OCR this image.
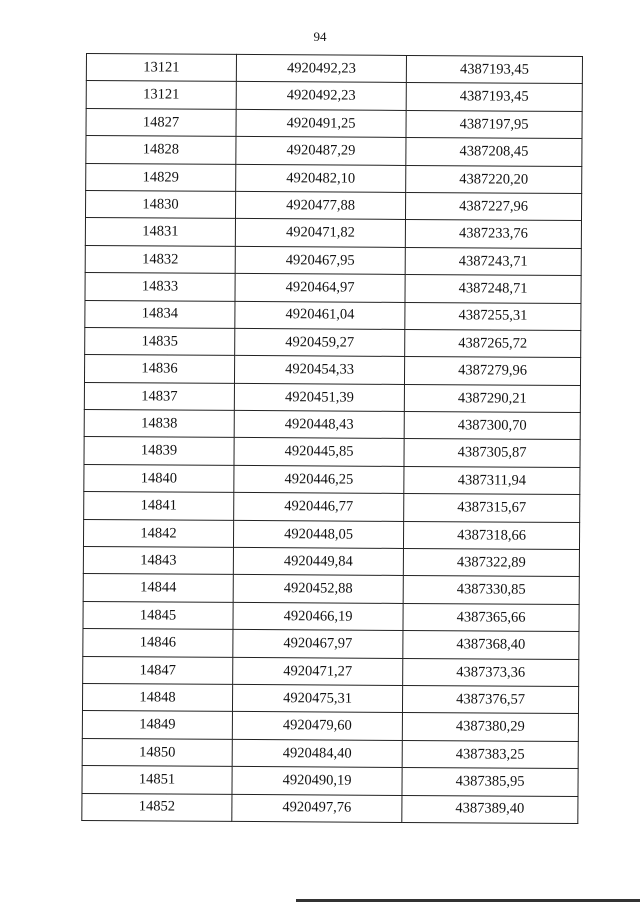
94
13121	4920492,23	4387193,45
13121	4920492,23	4387193,45
14827	4920491,25	4387197,95
14828	4920487,29	4387208,45
14829	4920482,10	4387220,20
14830	4920477,88	4387227,96
14831	4920471,82	4387233,76
14832	4920467,95	4387243,71
14833	4920464,97	4387248,71
14834	4920461,04	4387255,31
14835	4920459,27	4387265,72
14836	4920454,33	4387279,96
14837	4920451,39	4387290,21
14838	4920448,43	4387300,70
14839	4920445,85	4387305,87
14840	4920446,25	4387311,94
14841	4920446,77	4387315,67
14842	4920448,05	4387318,66
14843	4920449,84	4387322,89
14844	4920452,88	4387330,85
14845	4920466,19	4387365,66
14846	4920467,97	4387368,40
14847	4920471,27	4387373,36
14848	4920475,31	4387376,57
14849	4920479,60	4387380,29
14850	4920484,40	4387383,25
14851	4920490,19	4387385,95
14852	4920497,76	4387389,40
